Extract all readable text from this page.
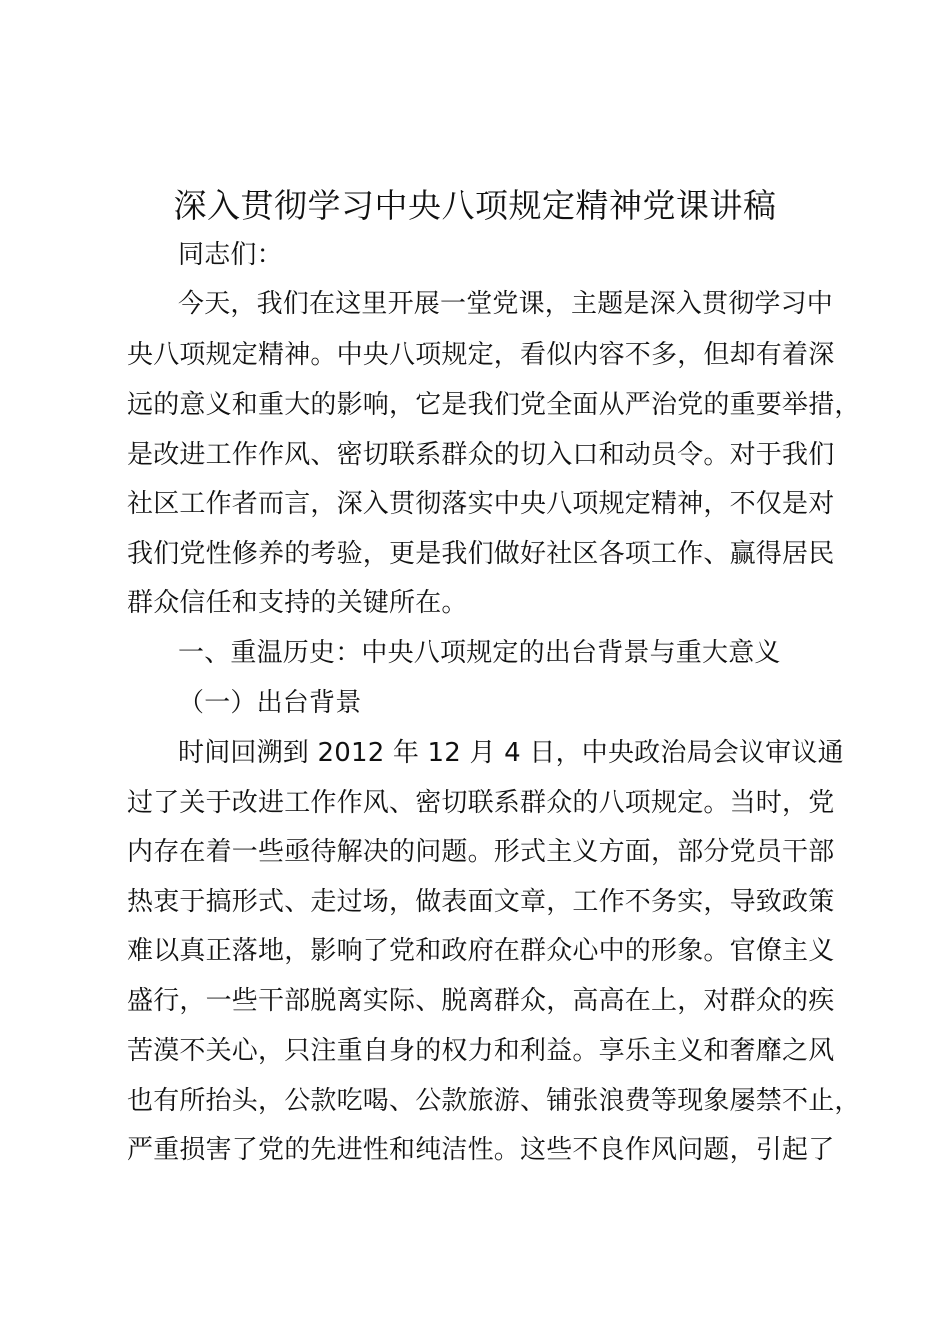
深入贯彻学习中央八项规定精神党课讲稿
同志们：
今天，我们在这里开展一堂党课，主题是深入贯彻学习中
央八项规定精神。中央八项规定，看似内容不多，但却有着深
远的意义和重大的影响，它是我们党全面从严治党的重要举措，
是改进工作作风、密切联系群众的切入口和动员令。对于我们
社区工作者而言，深入贯彻落实中央八项规定精神，不仅是对
我们党性修养的考验，更是我们做好社区各项工作、赢得居民
群众信任和支持的关键所在。
一、重温历史：中央八项规定的出台背景与重大意义
（一）出台背景
时间回溯到 2012 年 12 月 4 日，中央政治局会议审议通
过了关于改进工作作风、密切联系群众的八项规定。当时，党
内存在着一些亟待解决的问题。形式主义方面，部分党员干部
热衷于搞形式、走过场，做表面文章，工作不务实，导致政策
难以真正落地，影响了党和政府在群众心中的形象。官僚主义
盛行，一些干部脱离实际、脱离群众，高高在上，对群众的疾
苦漠不关心，只注重自身的权力和利益。享乐主义和奢靡之风
也有所抬头，公款吃喝、公款旅游、铺张浪费等现象屡禁不止，
严重损害了党的先进性和纯洁性。这些不良作风问题，引起了
